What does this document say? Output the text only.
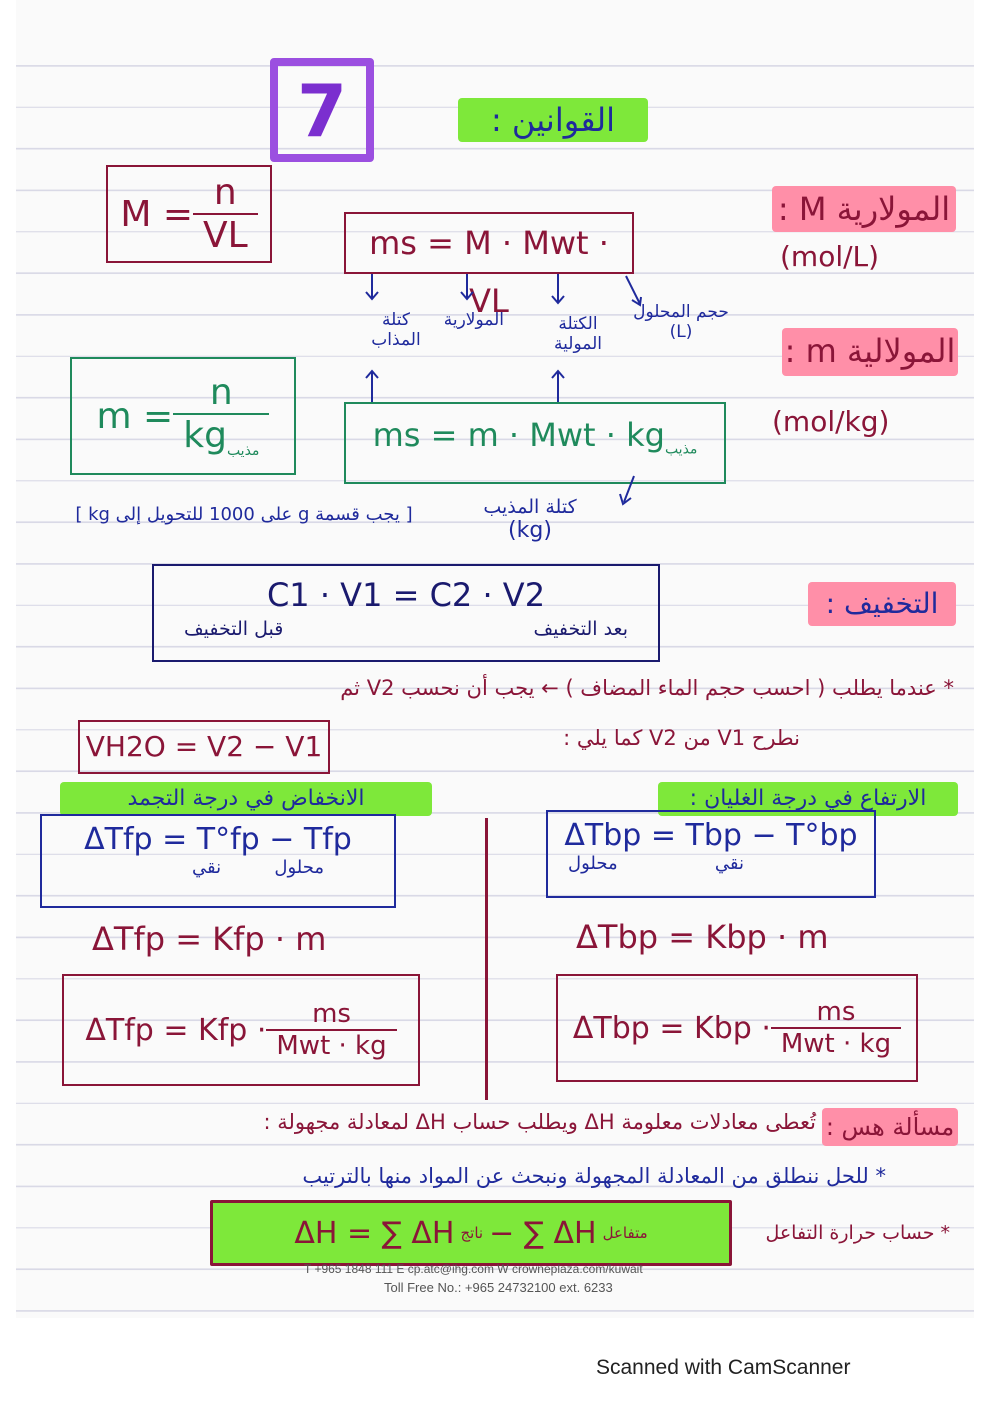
7	القوانين :
$M = \frac{n}{VL}$	المولارية M :
(mol/L)
ms = M · Mwt · VL
كتلة المذاب
المولارية	الكتلة المولية
حجم المحلول (L)	المولالية m :
(mol/kg)
$m = \frac{n}{kg_{مذيب}}$	ms = m · Mwt · $kg_{مذيب}$
كتلة المذيب
(kg)
[ يجب قسمة g على 1000 للتحويل إلى kg ]
التخفيف :
C1 · V1 = C2 · V2
بعد التخفيف
قبل التخفيف
* عندما يطلب ( احسب حجم الماء المضاف ) ← يجب أن نحسب V2 ثم
نطرح V1 من V2 كما يلي :
VH2O = V2 − V1
الانخفاض في درجة التجمد	الارتفاع في درجة الغليان :
ΔTfp = T°fp − Tfp
محلول
نقي
ΔTbp = Tbp − T°bp
نقي
محلول
ΔTfp = Kfp · m	ΔTbp = Kbp · m
ΔTfp = Kfp · $\frac{ms}{\text{Mwt · kg}}$	ΔTbp = Kbp · $\frac{ms}{\text{Mwt · kg}}$
تُعطى معادلات معلومة ΔH ويطلب حساب ΔH لمعادلة مجهولة : مسألة هس :
* للحل ننطلق من المعادلة المجهولة ونبحث عن المواد منها بالترتيب
ΔH = ∑ ΔH ناتج − ∑ ΔH متفاعل	* حساب حرارة التفاعل
T +965 1848 111 E cp.atc@ihg.com W crowneplaza.com/kuwait
Toll Free No.: +965 24732100 ext. 6233
Scanned with CamScanner
